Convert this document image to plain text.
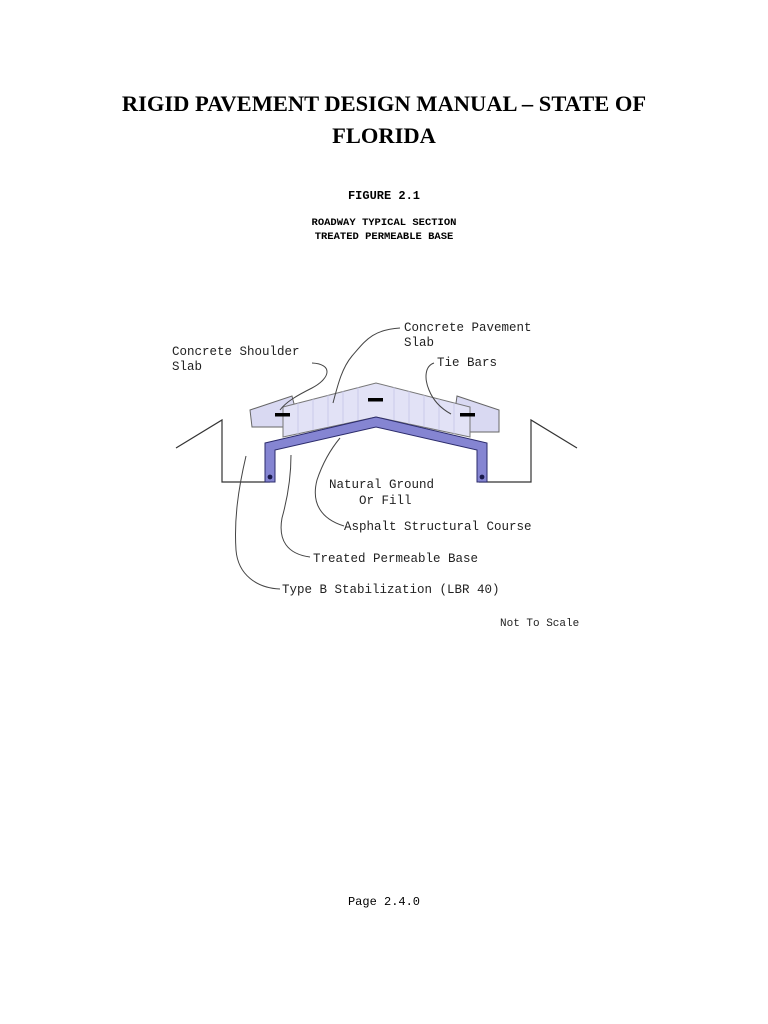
RIGID PAVEMENT DESIGN MANUAL – STATE OF
FLORIDA

FIGURE 2.1

ROADWAY TYPICAL SECTION

TREATED PERMEABLE BASE

Concrete Pavement
Slab
Concrete Shoulder
Slab	Tie Bars
Natural Ground
Or Fill
Asphalt Structural Course
Treated Permeable Base
Type B Stabilization (LBR 40)
Not To Scale

Page 2.4.0
